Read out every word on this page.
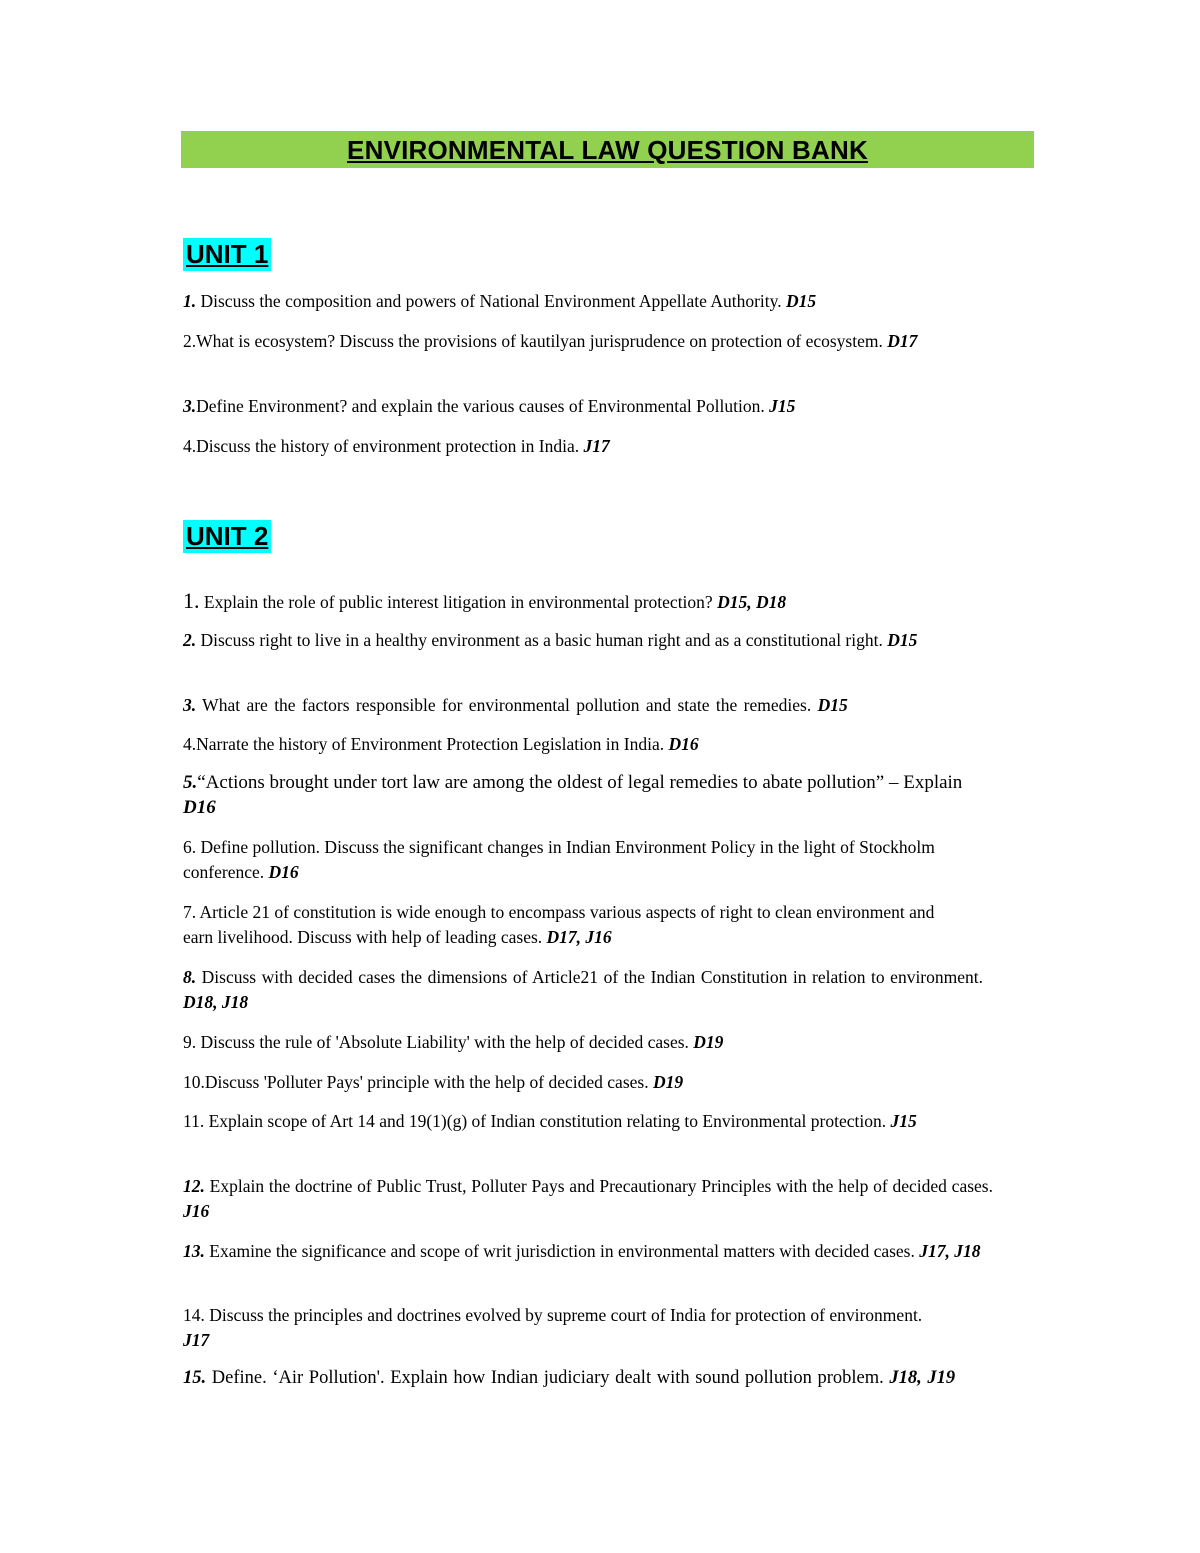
ENVIRONMENTAL LAW QUESTION BANK
UNIT 1
1. Discuss the composition and powers of National Environment Appellate Authority. D15
2.What is ecosystem? Discuss the provisions of kautilyan jurisprudence on protection of ecosystem. D17
3.Define Environment? and explain the various causes of Environmental Pollution. J15
4.Discuss the history of environment protection in India. J17
UNIT 2
1. Explain the role of public interest litigation in environmental protection? D15, D18
2. Discuss right to live in a healthy environment as a basic human right and as a constitutional right. D15
3. What are the factors responsible for environmental pollution and state the remedies. D15
4.Narrate the history of Environment Protection Legislation in India. D16
5.“Actions brought under tort law are among the oldest of legal remedies to abate pollution” – Explain D16
6. Define pollution. Discuss the significant changes in Indian Environment Policy in the light of Stockholm conference. D16
7. Article 21 of constitution is wide enough to encompass various aspects of right to clean environment and earn livelihood. Discuss with help of leading cases. D17, J16
8. Discuss with decided cases the dimensions of Article21 of the Indian Constitution in relation to environment. D18, J18
9. Discuss the rule of 'Absolute Liability' with the help of decided cases. D19
10.Discuss 'Polluter Pays' principle with the help of decided cases. D19
11. Explain scope of Art 14 and 19(1)(g) of Indian constitution relating to Environmental protection. J15
12. Explain the doctrine of Public Trust, Polluter Pays and Precautionary Principles with the help of decided cases. J16
13. Examine the significance and scope of writ jurisdiction in environmental matters with decided cases. J17, J18
14. Discuss the principles and doctrines evolved by supreme court of India for protection of environment. J17
15. Define. ‘Air Pollution'. Explain how Indian judiciary dealt with sound pollution problem. J18, J19
